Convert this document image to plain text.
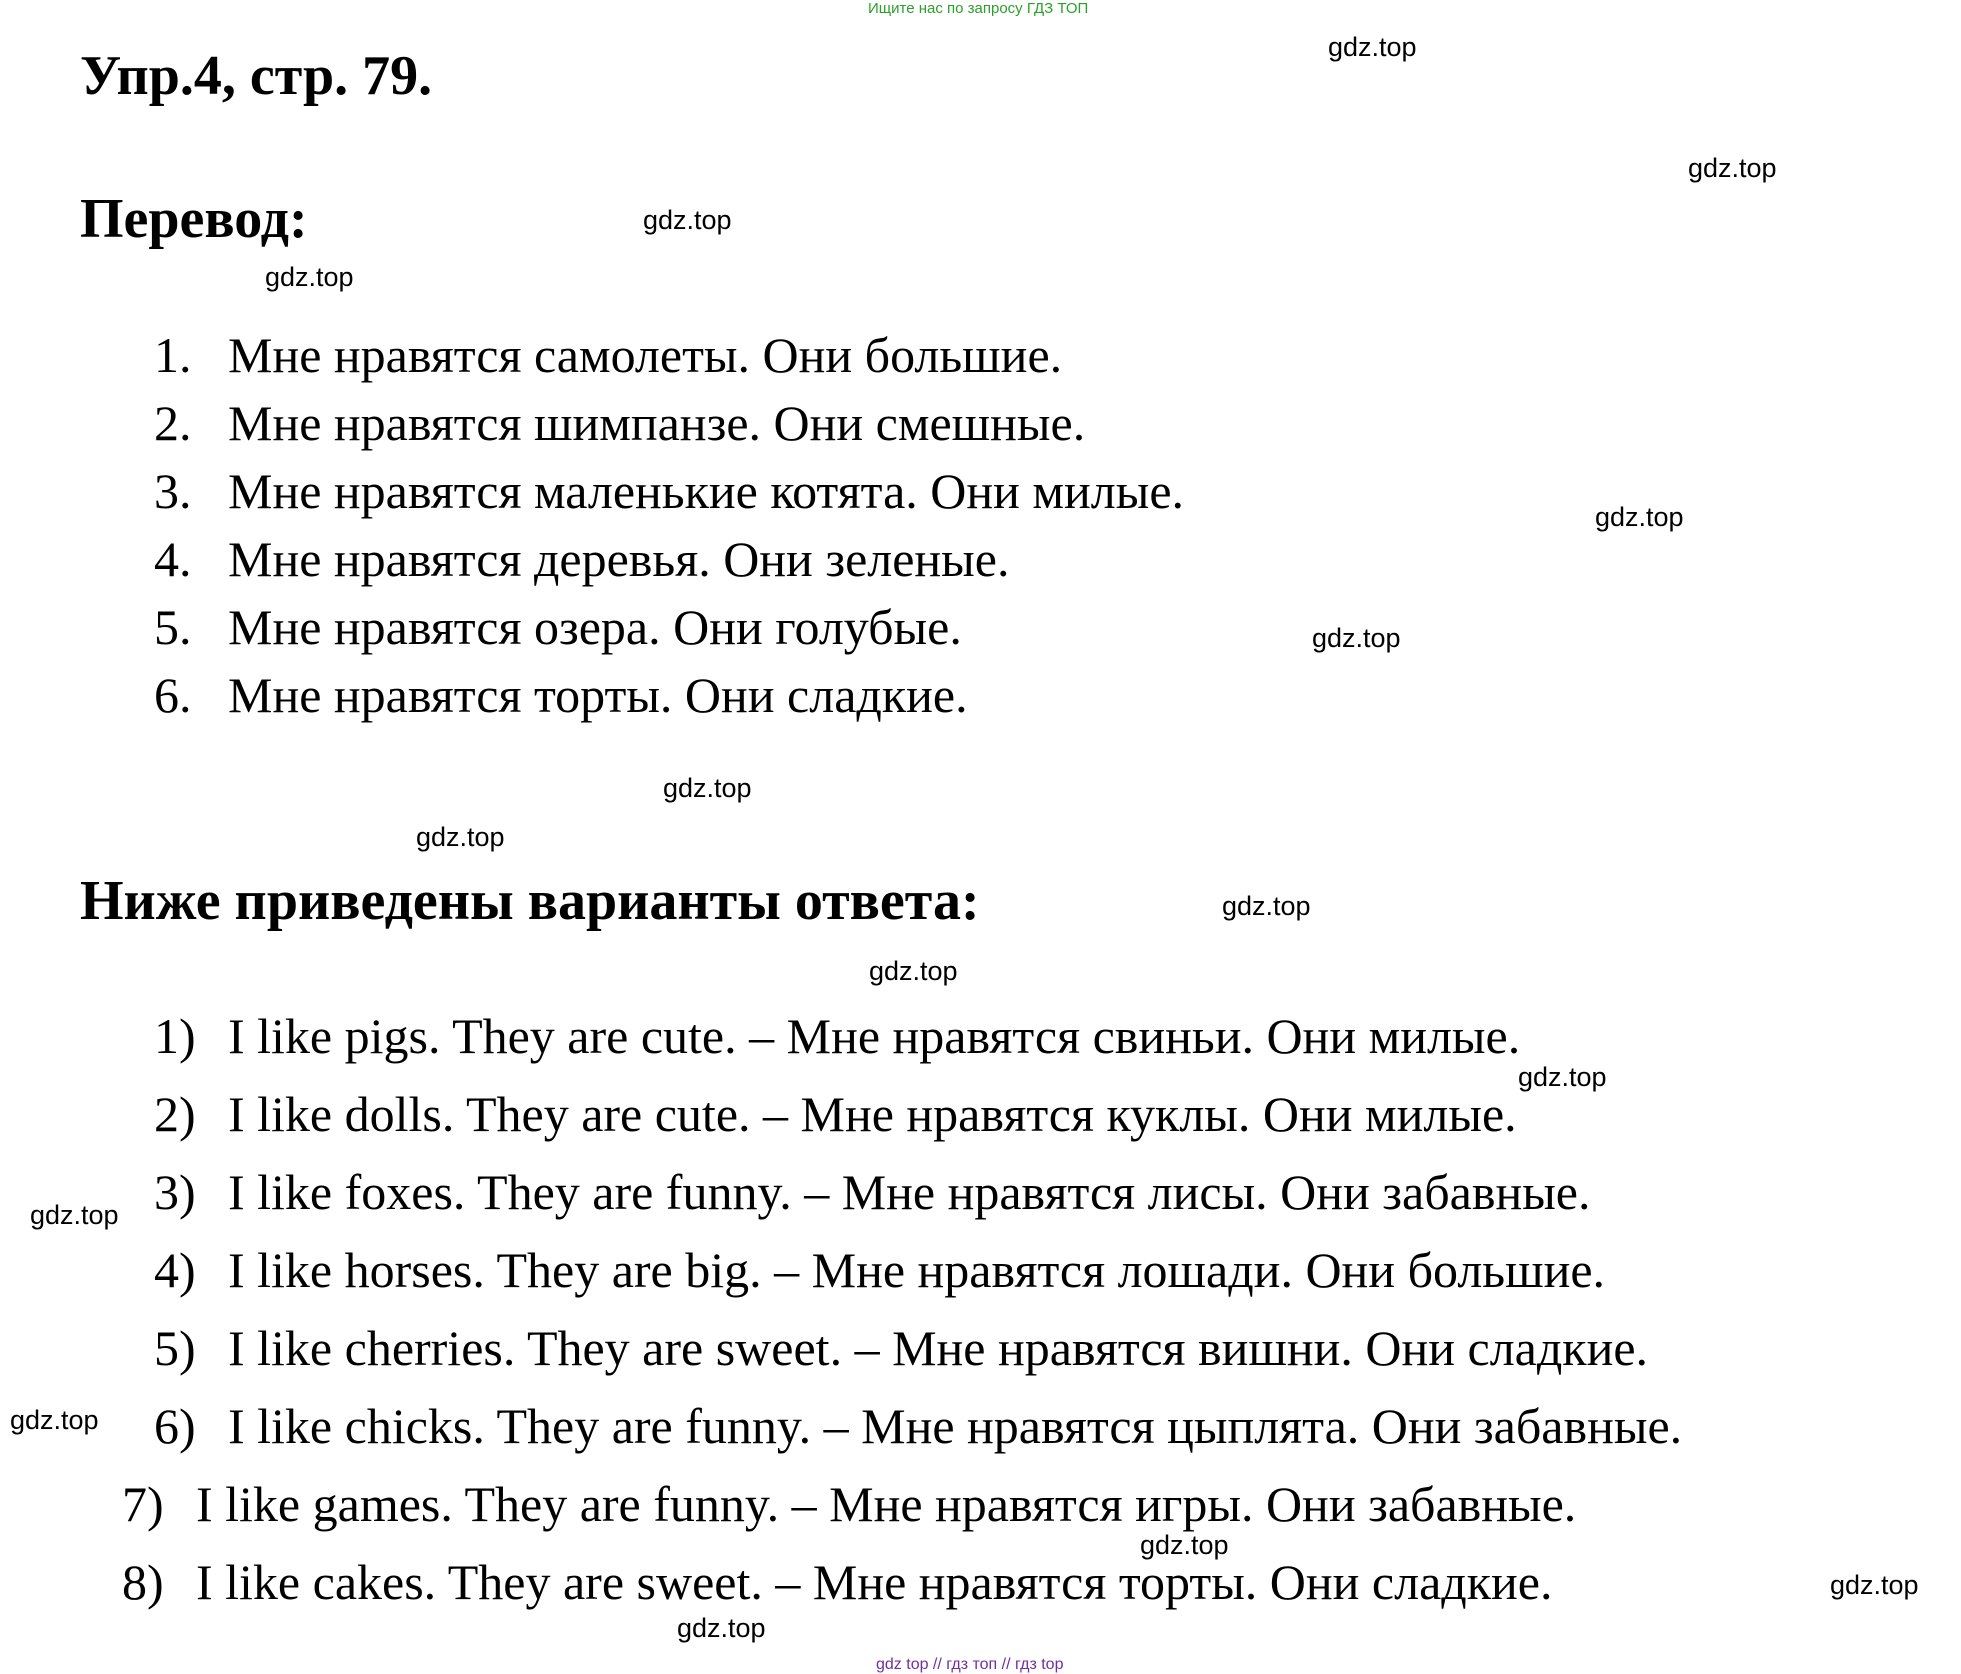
Ищите нас по запросу ГДЗ ТОП
Упр.4, стр. 79.
Перевод:
1. Мне нравятся самолеты. Они большие.
2. Мне нравятся шимпанзе. Они смешные.
3. Мне нравятся маленькие котята. Они милые.
4. Мне нравятся деревья. Они зеленые.
5. Мне нравятся озера. Они голубые.
6. Мне нравятся торты. Они сладкие.
Ниже приведены варианты ответа:
1) I like pigs. They are cute. – Мне нравятся свиньи. Они милые.
2) I like dolls. They are cute. – Мне нравятся куклы. Они милые.
3) I like foxes. They are funny. – Мне нравятся лисы. Они забавные.
4) I like horses. They are big. – Мне нравятся лошади. Они большие.
5) I like cherries. They are sweet. – Мне нравятся вишни. Они сладкие.
6) I like chicks. They are funny. – Мне нравятся цыплята. Они забавные.
7) I like games. They are funny. – Мне нравятся игры. Они забавные.
8) I like cakes. They are sweet. – Мне нравятся торты. Они сладкие.
gdz.top
gdz.top
gdz.top
gdz.top
gdz.top
gdz.top
gdz.top
gdz.top
gdz.top
gdz.top
gdz.top
gdz.top
gdz.top
gdz.top
gdz.top
gdz.top
gdz top // гдз топ // гдз top
